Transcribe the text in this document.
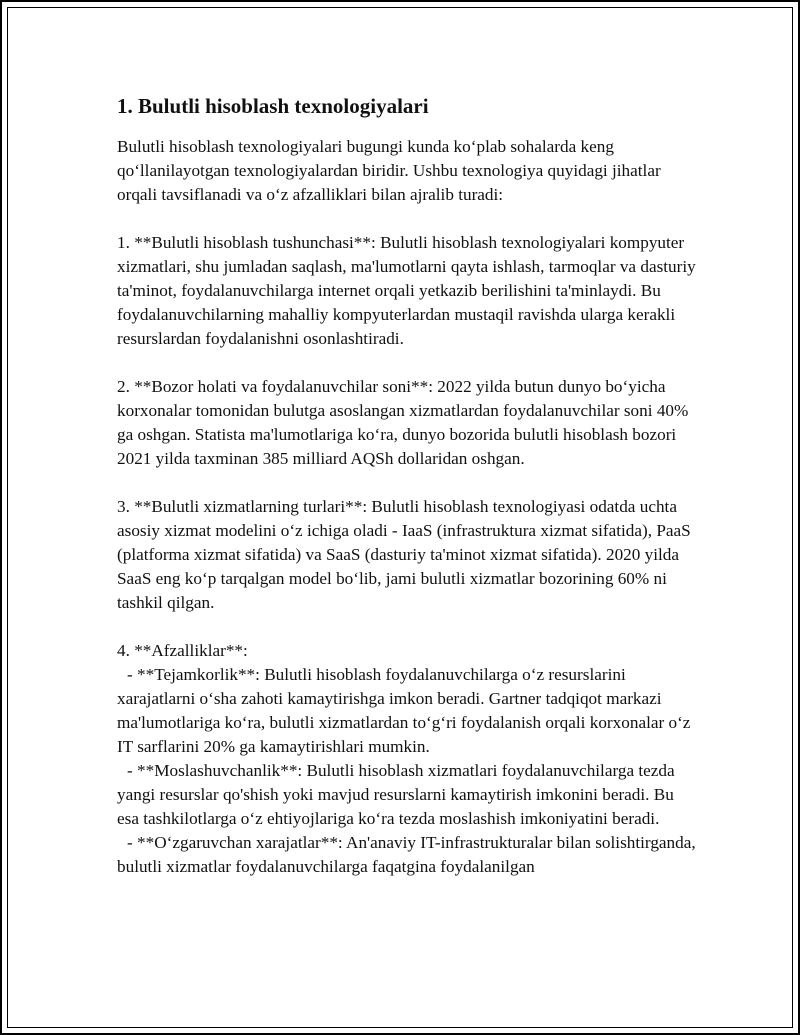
1. Bulutli hisoblash texnologiyalari

Bulutli hisoblash texnologiyalari bugungi kunda koʻplab sohalarda keng qoʻllanilayotgan texnologiyalardan biridir. Ushbu texnologiya quyidagi jihatlar orqali tavsiflanadi va oʻz afzalliklari bilan ajralib turadi:

1. **Bulutli hisoblash tushunchasi**: Bulutli hisoblash texnologiyalari kompyuter xizmatlari, shu jumladan saqlash, ma'lumotlarni qayta ishlash, tarmoqlar va dasturiy ta'minot, foydalanuvchilarga internet orqali yetkazib berilishini ta'minlaydi. Bu foydalanuvchilarning mahalliy kompyuterlardan mustaqil ravishda ularga kerakli resurslardan foydalanishni osonlashtiradi.

2. **Bozor holati va foydalanuvchilar soni**: 2022 yilda butun dunyo boʻyicha korxonalar tomonidan bulutga asoslangan xizmatlardan foydalanuvchilar soni 40% ga oshgan. Statista ma'lumotlariga koʻra, dunyo bozorida bulutli hisoblash bozori 2021 yilda taxminan 385 milliard AQSh dollaridan oshgan.

3. **Bulutli xizmatlarning turlari**: Bulutli hisoblash texnologiyasi odatda uchta asosiy xizmat modelini oʻz ichiga oladi - IaaS (infrastruktura xizmat sifatida), PaaS (platforma xizmat sifatida) va SaaS (dasturiy ta'minot xizmat sifatida). 2020 yilda SaaS eng koʻp tarqalgan model boʻlib, jami bulutli xizmatlar bozorining 60% ni tashkil qilgan.

4. **Afzalliklar**:

- **Tejamkorlik**: Bulutli hisoblash foydalanuvchilarga oʻz resurslarini xarajatlarni oʻsha zahoti kamaytirishga imkon beradi. Gartner tadqiqot markazi ma'lumotlariga koʻra, bulutli xizmatlardan toʻgʻri foydalanish orqali korxonalar oʻz IT sarflarini 20% ga kamaytirishlari mumkin.

- **Moslashuvchanlik**: Bulutli hisoblash xizmatlari foydalanuvchilarga tezda yangi resurslar qo'shish yoki mavjud resurslarni kamaytirish imkonini beradi. Bu esa tashkilotlarga oʻz ehtiyojlariga koʻra tezda moslashish imkoniyatini beradi.

- **Oʻzgaruvchan xarajatlar**: An'anaviy IT-infrastrukturalar bilan solishtirganda, bulutli xizmatlar foydalanuvchilarga faqatgina foydalanilgan
